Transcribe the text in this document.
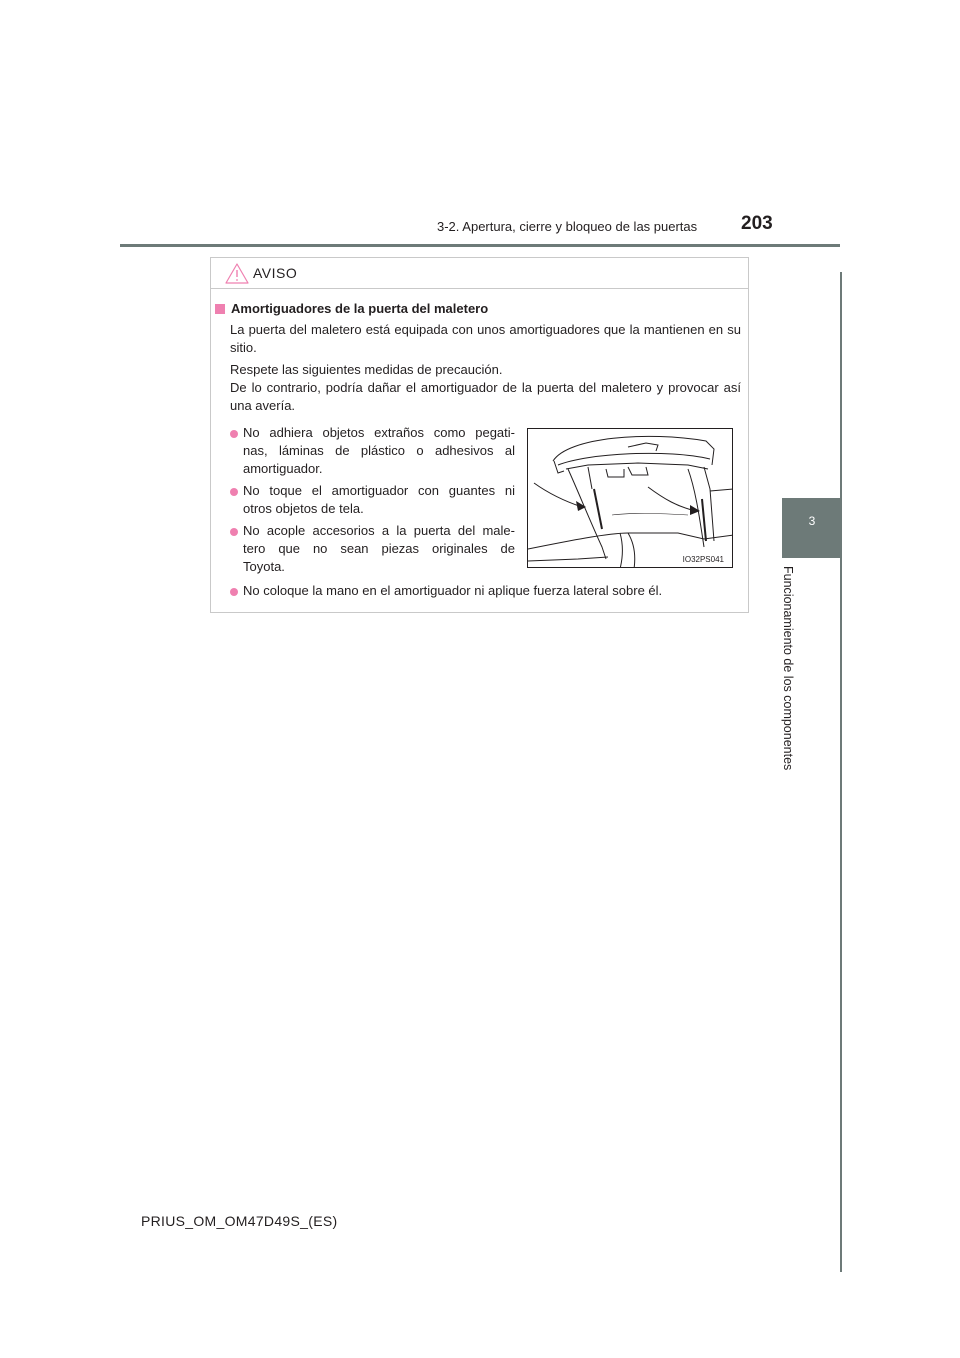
3-2. Apertura, cierre y bloqueo de las puertas 203
3
Funcionamiento de los componentes
AVISO
Amortiguadores de la puerta del maletero
La puerta del maletero está equipada con unos amortiguadores que la mantienen en su sitio.
Respete las siguientes medidas de precaución.
De lo contrario, podría dañar el amortiguador de la puerta del maletero y provocar así una avería.
No adhiera objetos extraños como pegati-
nas, láminas de plástico o adhesivos al
amortiguador.
No toque el amortiguador con guantes ni
otros objetos de tela.
No acople accesorios a la puerta del male-
tero que no sean piezas originales de
Toyota.
No coloque la mano en el amortiguador ni aplique fuerza lateral sobre él.
IO32PS041
PRIUS_OM_OM47D49S_(ES)
